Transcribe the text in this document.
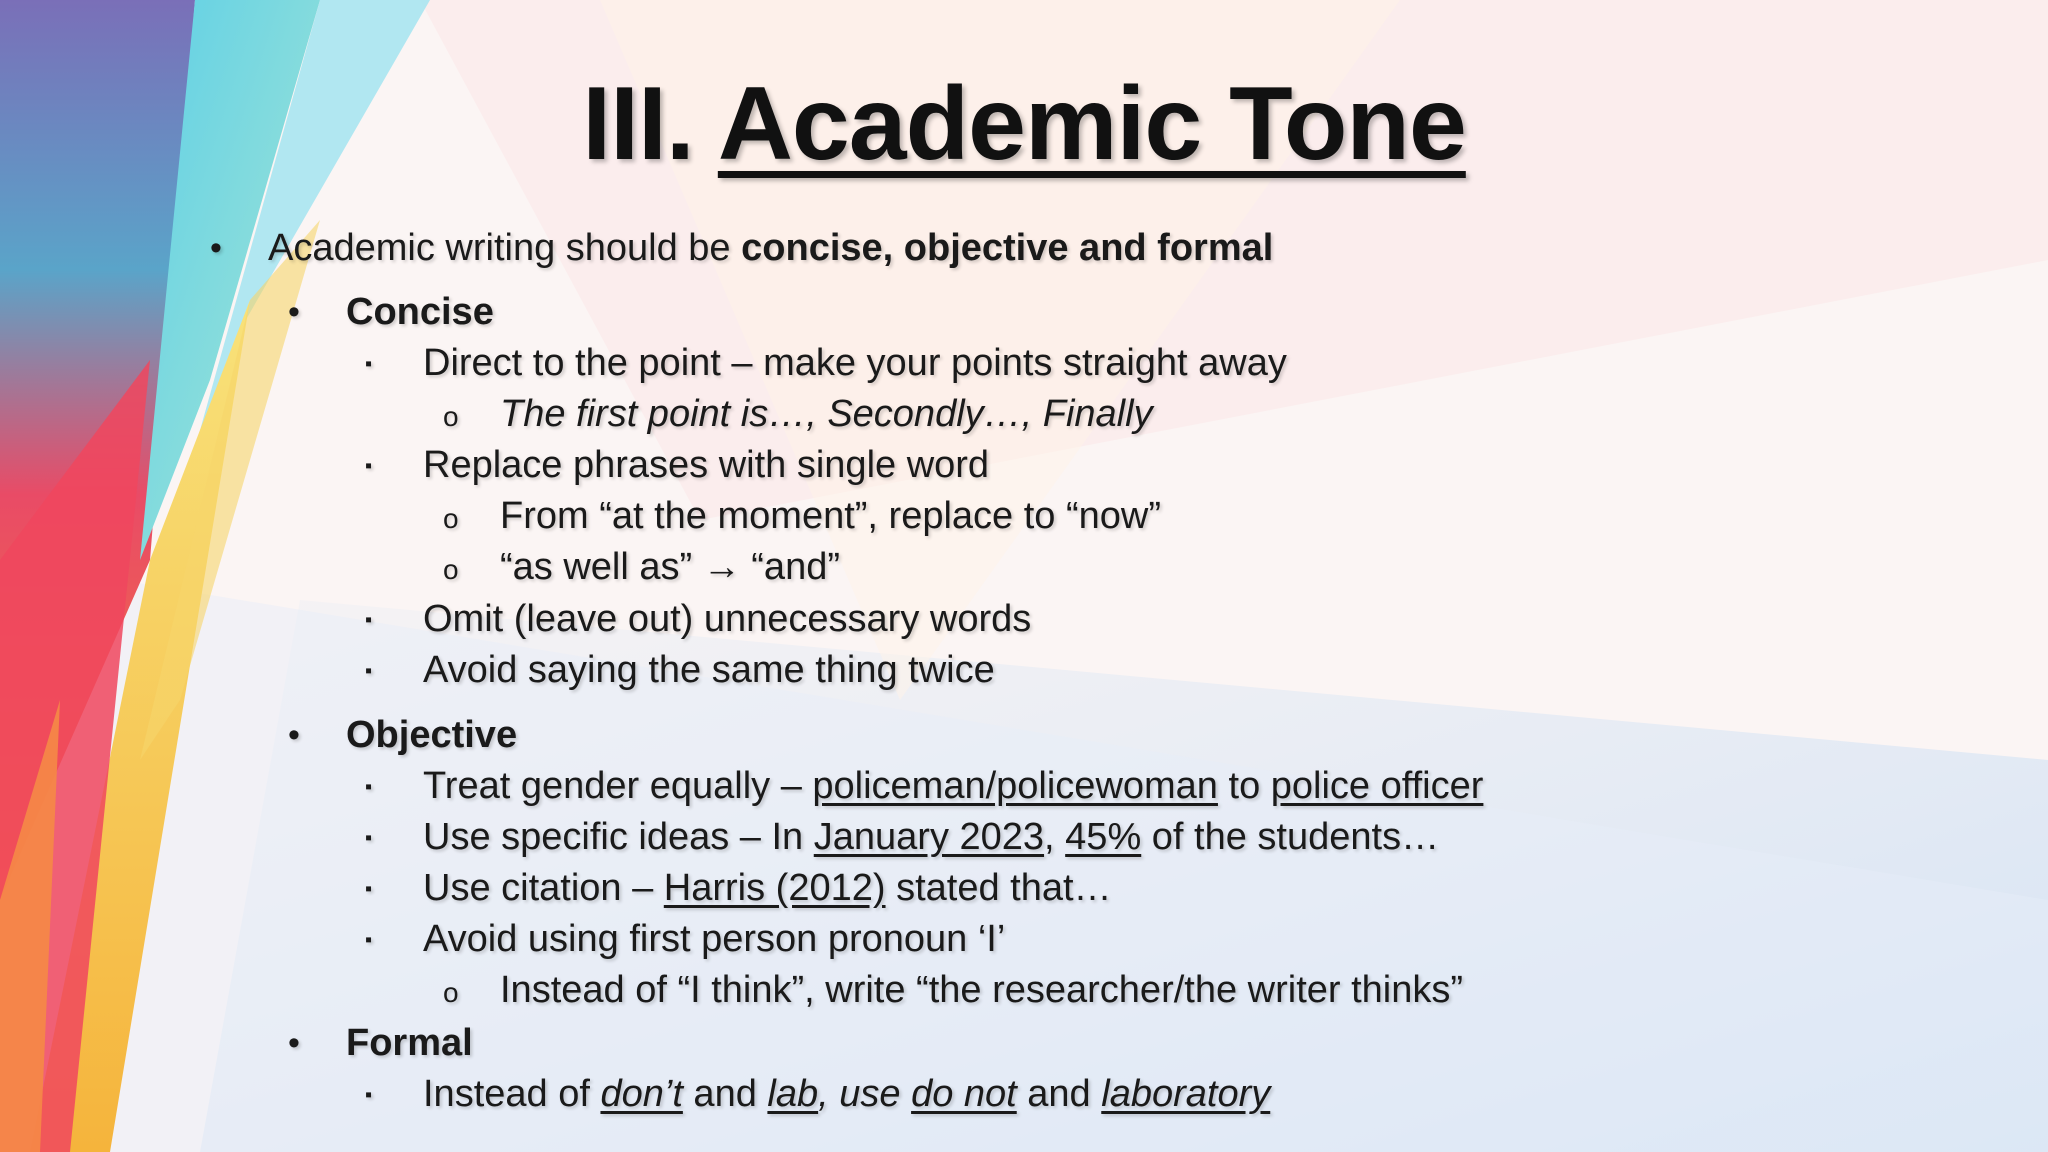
III. Academic Tone
• Academic writing should be concise, objective and formal
• Concise
▪ Direct to the point – make your points straight away
o The first point is…, Secondly…, Finally
▪ Replace phrases with single word
o From “at the moment”, replace to “now”
o “as well as” → “and”
▪ Omit (leave out) unnecessary words
▪ Avoid saying the same thing twice
• Objective
▪ Treat gender equally – policeman/policewoman to police officer
▪ Use specific ideas – In January 2023, 45% of the students…
▪ Use citation – Harris (2012) stated that…
▪ Avoid using first person pronoun ‘I’
o Instead of “I think”, write “the researcher/the writer thinks”
• Formal
▪ Instead of don’t and lab, use do not and laboratory
